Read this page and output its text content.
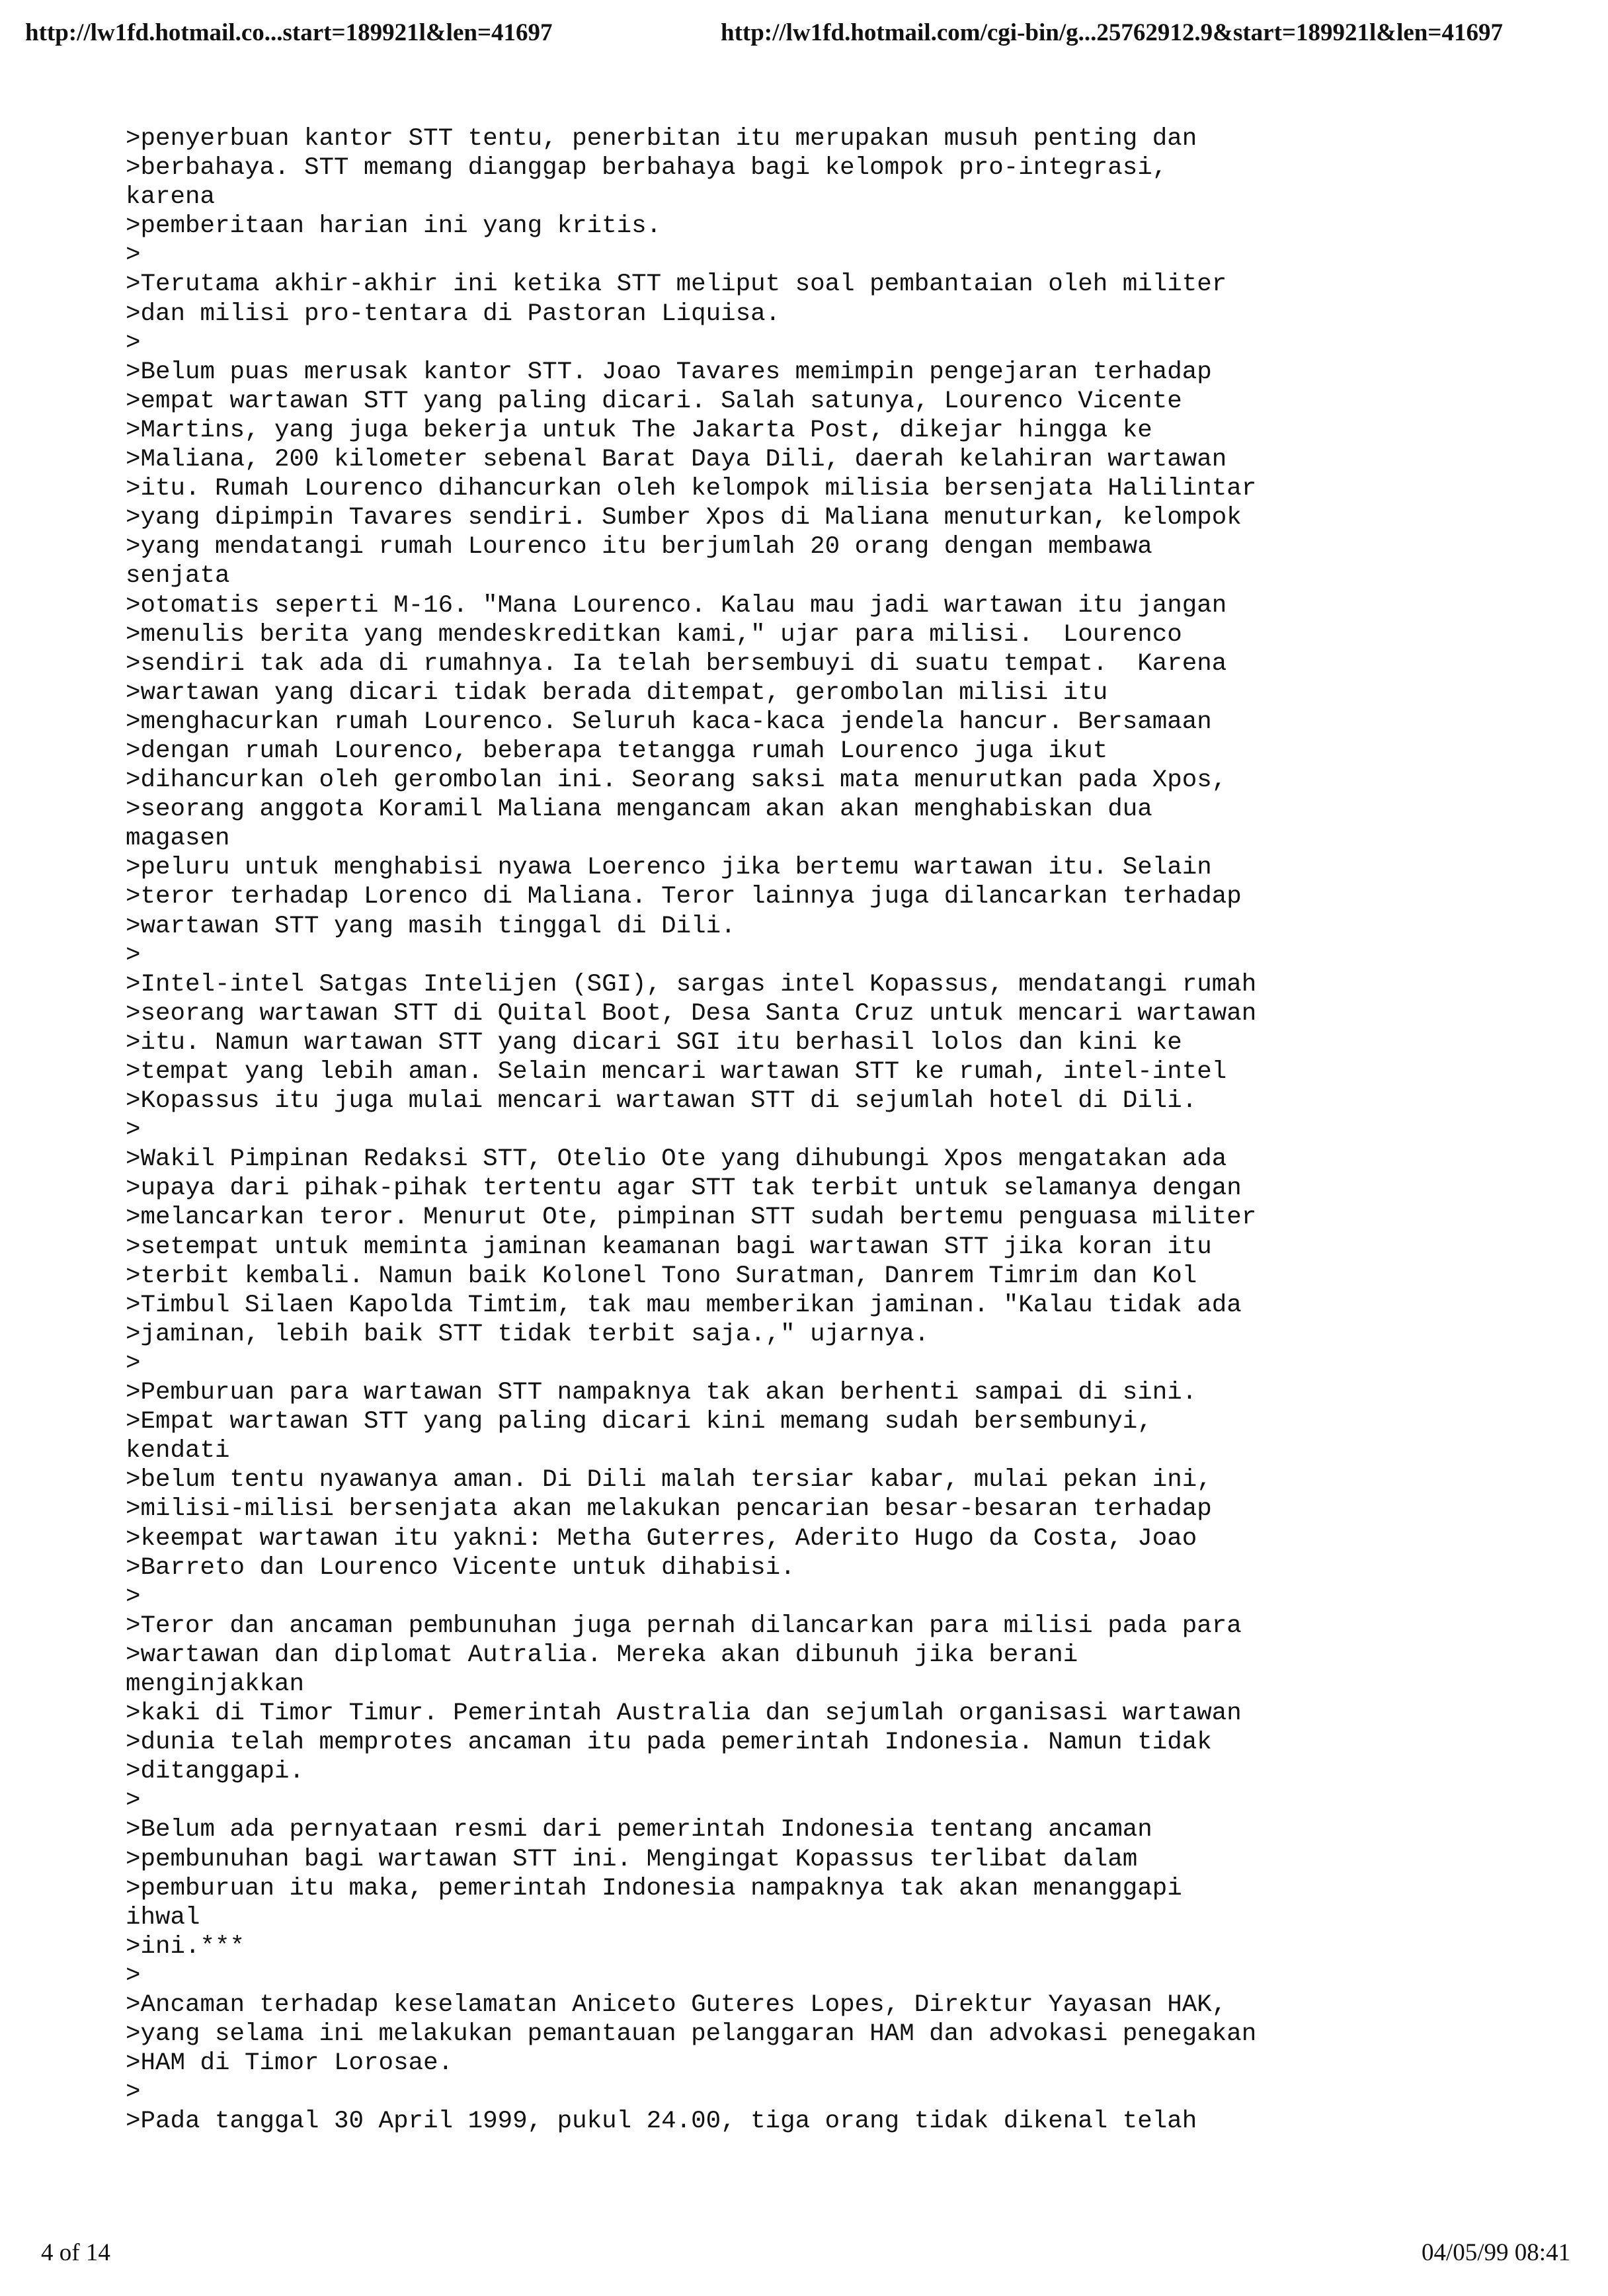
http://lw1fd.hotmail.co...start=189921l&len=41697	http://lw1fd.hotmail.com/cgi-bin/g...25762912.9&start=189921l&len=41697
>penyerbuan kantor STT tentu, penerbitan itu merupakan musuh penting dan
>berbahaya. STT memang dianggap berbahaya bagi kelompok pro-integrasi,
karena
>pemberitaan harian ini yang kritis.
>
>Terutama akhir-akhir ini ketika STT meliput soal pembantaian oleh militer
>dan milisi pro-tentara di Pastoran Liquisa.
>
>Belum puas merusak kantor STT. Joao Tavares memimpin pengejaran terhadap
>empat wartawan STT yang paling dicari. Salah satunya, Lourenco Vicente
>Martins, yang juga bekerja untuk The Jakarta Post, dikejar hingga ke
>Maliana, 200 kilometer sebenal Barat Daya Dili, daerah kelahiran wartawan
>itu. Rumah Lourenco dihancurkan oleh kelompok milisia bersenjata Halilintar
>yang dipimpin Tavares sendiri. Sumber Xpos di Maliana menuturkan, kelompok
>yang mendatangi rumah Lourenco itu berjumlah 20 orang dengan membawa
senjata
>otomatis seperti M-16. "Mana Lourenco. Kalau mau jadi wartawan itu jangan
>menulis berita yang mendeskreditkan kami," ujar para milisi.  Lourenco
>sendiri tak ada di rumahnya. Ia telah bersembuyi di suatu tempat.  Karena
>wartawan yang dicari tidak berada ditempat, gerombolan milisi itu
>menghacurkan rumah Lourenco. Seluruh kaca-kaca jendela hancur. Bersamaan
>dengan rumah Lourenco, beberapa tetangga rumah Lourenco juga ikut
>dihancurkan oleh gerombolan ini. Seorang saksi mata menurutkan pada Xpos,
>seorang anggota Koramil Maliana mengancam akan akan menghabiskan dua
magasen
>peluru untuk menghabisi nyawa Loerenco jika bertemu wartawan itu. Selain
>teror terhadap Lorenco di Maliana. Teror lainnya juga dilancarkan terhadap
>wartawan STT yang masih tinggal di Dili.
>
>Intel-intel Satgas Intelijen (SGI), sargas intel Kopassus, mendatangi rumah
>seorang wartawan STT di Quital Boot, Desa Santa Cruz untuk mencari wartawan
>itu. Namun wartawan STT yang dicari SGI itu berhasil lolos dan kini ke
>tempat yang lebih aman. Selain mencari wartawan STT ke rumah, intel-intel
>Kopassus itu juga mulai mencari wartawan STT di sejumlah hotel di Dili.
>
>Wakil Pimpinan Redaksi STT, Otelio Ote yang dihubungi Xpos mengatakan ada
>upaya dari pihak-pihak tertentu agar STT tak terbit untuk selamanya dengan
>melancarkan teror. Menurut Ote, pimpinan STT sudah bertemu penguasa militer
>setempat untuk meminta jaminan keamanan bagi wartawan STT jika koran itu
>terbit kembali. Namun baik Kolonel Tono Suratman, Danrem Timrim dan Kol
>Timbul Silaen Kapolda Timtim, tak mau memberikan jaminan. "Kalau tidak ada
>jaminan, lebih baik STT tidak terbit saja.," ujarnya.
>
>Pemburuan para wartawan STT nampaknya tak akan berhenti sampai di sini.
>Empat wartawan STT yang paling dicari kini memang sudah bersembunyi,
kendati
>belum tentu nyawanya aman. Di Dili malah tersiar kabar, mulai pekan ini,
>milisi-milisi bersenjata akan melakukan pencarian besar-besaran terhadap
>keempat wartawan itu yakni: Metha Guterres, Aderito Hugo da Costa, Joao
>Barreto dan Lourenco Vicente untuk dihabisi.
>
>Teror dan ancaman pembunuhan juga pernah dilancarkan para milisi pada para
>wartawan dan diplomat Autralia. Mereka akan dibunuh jika berani
menginjakkan
>kaki di Timor Timur. Pemerintah Australia dan sejumlah organisasi wartawan
>dunia telah memprotes ancaman itu pada pemerintah Indonesia. Namun tidak
>ditanggapi.
>
>Belum ada pernyataan resmi dari pemerintah Indonesia tentang ancaman
>pembunuhan bagi wartawan STT ini. Mengingat Kopassus terlibat dalam
>pemburuan itu maka, pemerintah Indonesia nampaknya tak akan menanggapi
ihwal
>ini.***
>
>Ancaman terhadap keselamatan Aniceto Guteres Lopes, Direktur Yayasan HAK,
>yang selama ini melakukan pemantauan pelanggaran HAM dan advokasi penegakan
>HAM di Timor Lorosae.
>
>Pada tanggal 30 April 1999, pukul 24.00, tiga orang tidak dikenal telah
4 of 14	04/05/99 08:41
